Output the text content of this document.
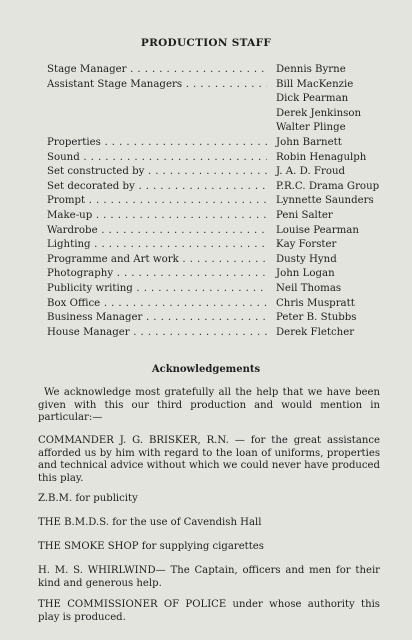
PRODUCTION STAFF
Stage Manager . . .	Dennis Byrne
Assistant Stage Managers . . .	Bill MacKenzie
Dick Pearman
Derek Jenkinson
Walter Plinge
Properties . . .	John Barnett
Sound . . .	Robin Henagulph
Set constructed by . . .	J. A. D. Froud
Set decorated by . . .	P.R.C. Drama Group
Prompt . . .	Lynnette Saunders
Make-up . . .	Peni Salter
Wardrobe . . .	Louise Pearman
Lighting . . .	Kay Forster
Programme and Art work . . .	Dusty Hynd
Photography . . .	John Logan
Publicity writing . . .	Neil Thomas
Box Office . . .	Chris Muspratt
Business Manager . . .	Peter B. Stubbs
House Manager . . .	Derek Fletcher
Acknowledgements
We acknowledge most gratefully all the help that we have been given with this our third production and would mention in particular:—
COMMANDER J. G. BRISKER, R.N. — for the great assistance afforded us by him with regard to the loan of uniforms, properties and technical advice without which we could never have produced this play.
Z.B.M. for publicity
THE B.M.D.S. for the use of Cavendish Hall
THE SMOKE SHOP for supplying cigarettes
H. M. S. WHIRLWIND— The Captain, officers and men for their kind and generous help.
THE COMMISSIONER OF POLICE under whose authority this play is produced.
